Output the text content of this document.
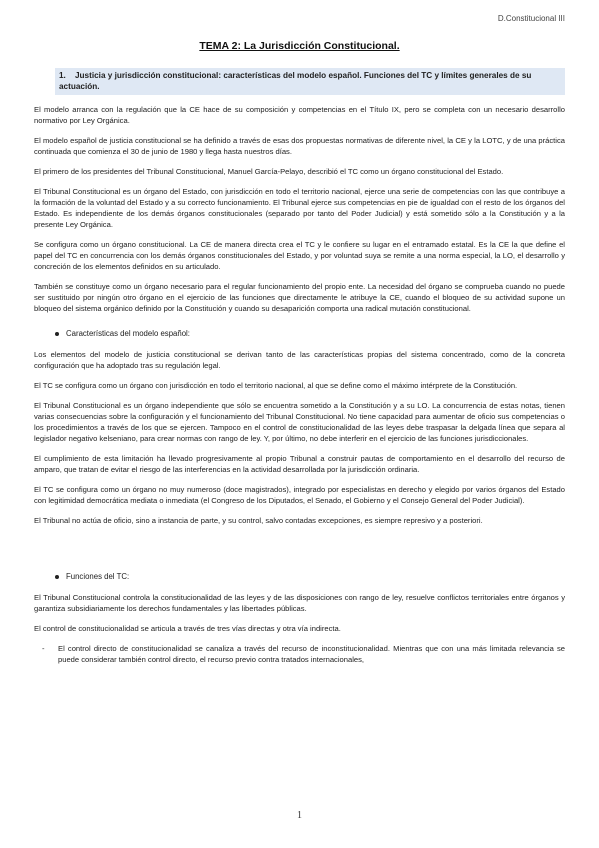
D.Constitucional III
TEMA 2: La Jurisdicción Constitucional.
1. Justicia y jurisdicción constitucional: características del modelo español. Funciones del TC y límites generales de su actuación.

El modelo arranca con la regulación que la CE hace de su composición y competencias en el Título IX, pero se completa con un necesario desarrollo normativo por Ley Orgánica.

El modelo español de justicia constitucional se ha definido a través de esas dos propuestas normativas de diferente nivel, la CE y la LOTC, y de una práctica continuada que comienza el 30 de junio de 1980 y llega hasta nuestros días.

El primero de los presidentes del Tribunal Constitucional, Manuel García-Pelayo, describió el TC como un órgano constitucional del Estado.

El Tribunal Constitucional es un órgano del Estado, con jurisdicción en todo el territorio nacional, ejerce una serie de competencias con las que contribuye a la formación de la voluntad del Estado y a su correcto funcionamiento. El Tribunal ejerce sus competencias en pie de igualdad con el resto de los órganos del Estado. Es independiente de los demás órganos constitucionales (separado por tanto del Poder Judicial) y está sometido sólo a la Constitución y a la presente Ley Orgánica.

Se configura como un órgano constitucional. La CE de manera directa crea el TC y le confiere su lugar en el entramado estatal. Es la CE la que define el papel del TC en concurrencia con los demás órganos constitucionales del Estado, y por voluntad suya se remite a una norma especial, la LO, el desarrollo y concreción de los elementos definidos en su articulado.

También se constituye como un órgano necesario para el regular funcionamiento del propio ente. La necesidad del órgano se comprueba cuando no puede ser sustituido por ningún otro órgano en el ejercicio de las funciones que directamente le atribuye la CE, cuando el bloqueo de su actividad supone un bloqueo del sistema orgánico definido por la Constitución y cuando su desaparición comporta una radical mutación constitucional.

Características del modelo español:

Los elementos del modelo de justicia constitucional se derivan tanto de las características propias del sistema concentrado, como de la concreta configuración que ha adoptado tras su regulación legal.

El TC se configura como un órgano con jurisdicción en todo el territorio nacional, al que se define como el máximo intérprete de la Constitución.

El Tribunal Constitucional es un órgano independiente que sólo se encuentra sometido a la Constitución y a su LO. La concurrencia de estas notas, tienen varias consecuencias sobre la configuración y el funcionamiento del Tribunal Constitucional. No tiene capacidad para aumentar de oficio sus competencias o los procedimientos a través de los que se ejercen. Tampoco en el control de constitucionalidad de las leyes debe traspasar la delgada línea que separa al legislador negativo kelseniano, para crear normas con rango de ley. Y, por último, no debe interferir en el ejercicio de las funciones jurisdiccionales.

El cumplimiento de esta limitación ha llevado progresivamente al propio Tribunal a construir pautas de comportamiento en el desarrollo del recurso de amparo, que tratan de evitar el riesgo de las interferencias en la actividad desarrollada por la jurisdicción ordinaria.

El TC se configura como un órgano no muy numeroso (doce magistrados), integrado por especialistas en derecho y elegido por varios órganos del Estado con legitimidad democrática mediata o inmediata (el Congreso de los Diputados, el Senado, el Gobierno y el Consejo General del Poder Judicial).

El Tribunal no actúa de oficio, sino a instancia de parte, y su control, salvo contadas excepciones, es siempre represivo y a posteriori.

Funciones del TC:

El Tribunal Constitucional controla la constitucionalidad de las leyes y de las disposiciones con rango de ley, resuelve conflictos territoriales entre órganos y garantiza subsidiariamente los derechos fundamentales y las libertades públicas.

El control de constitucionalidad se articula a través de tres vías directas y otra vía indirecta.

- El control directo de constitucionalidad se canaliza a través del recurso de inconstitucionalidad. Mientras que con una más limitada relevancia se puede considerar también control directo, el recurso previo contra tratados internacionales,
1
